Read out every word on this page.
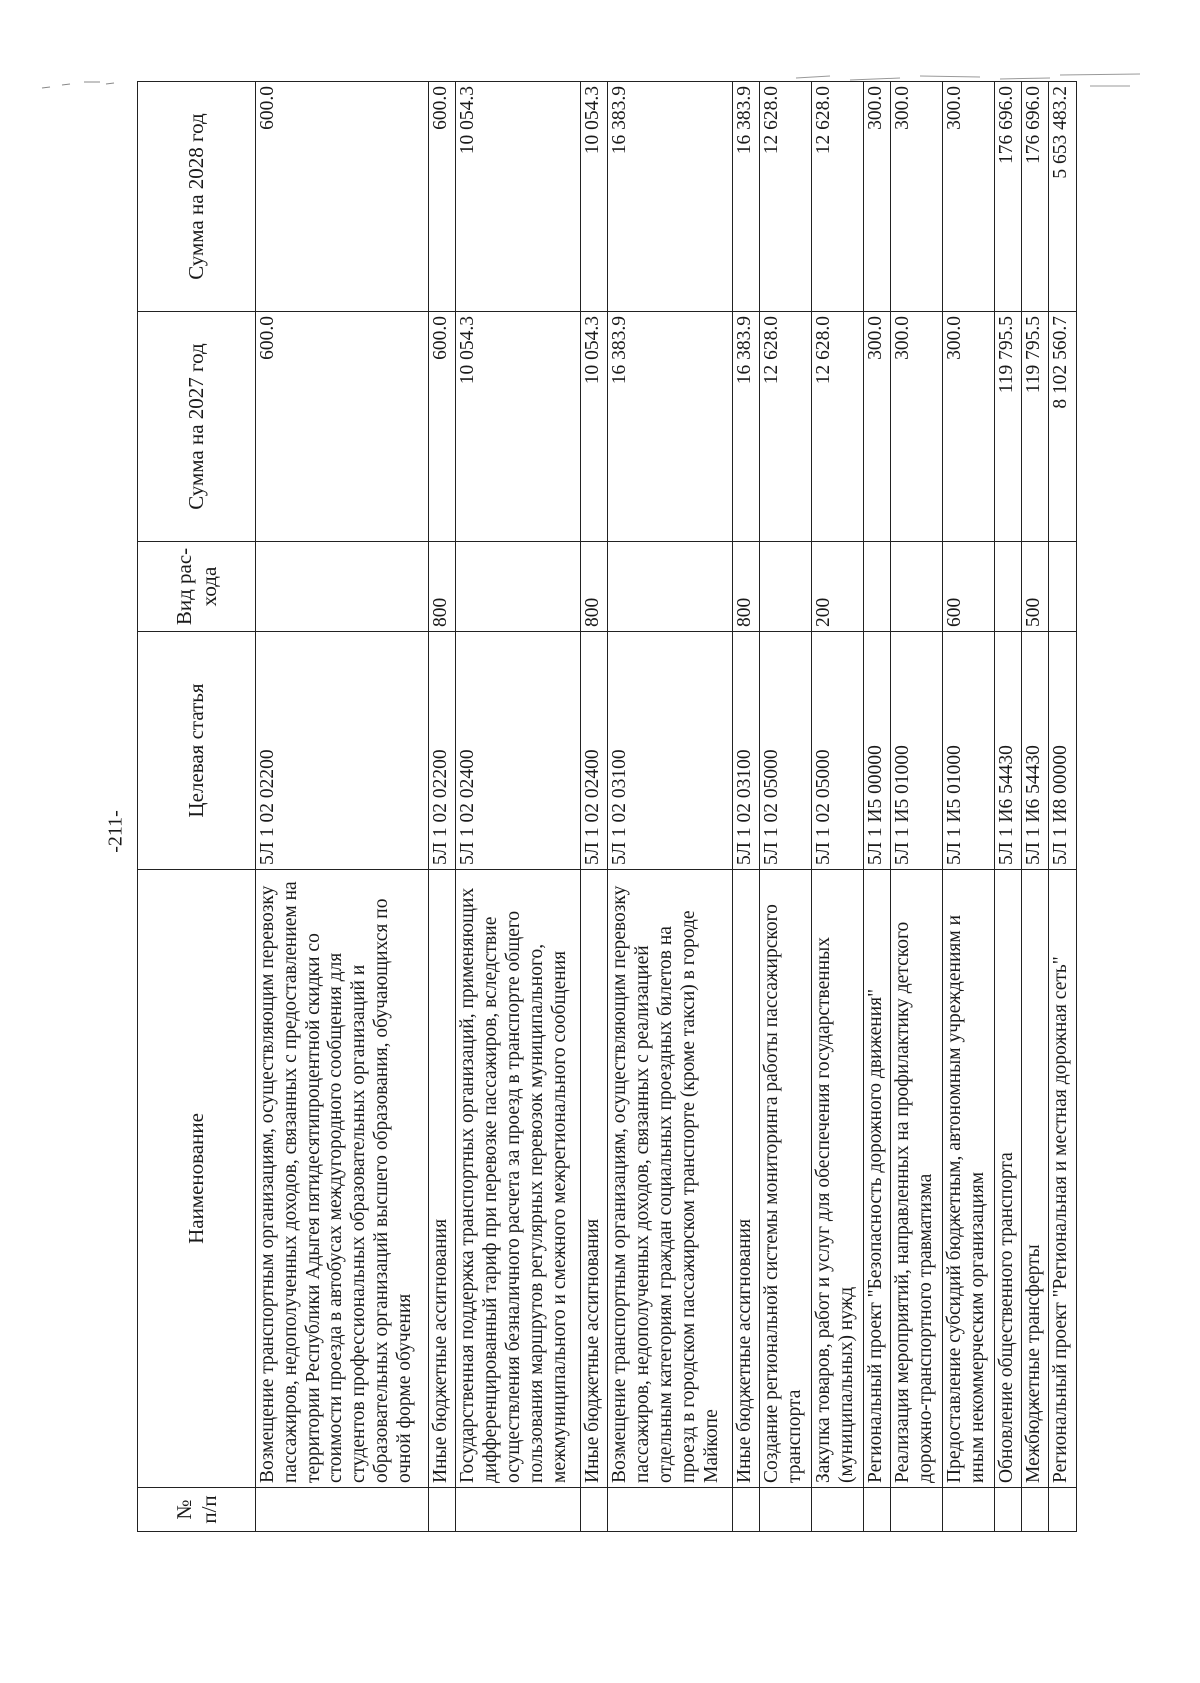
-211-
№ п/п	Наименование	Целевая статья	Вид рас-хода	Сумма на 2027 год	Сумма на 2028 год
	Возмещение транспортным организациям, осуществляющим перевозку пассажиров, недополученных доходов, связанных с предоставлением на территории Республики Адыгея пятидесятипроцентной скидки со стоимости проезда в автобусах междугородного сообщения для студентов профессиональных образовательных организаций и образовательных организаций высшего образования, обучающихся по очной форме обучения	5Л 1 02 02200		600.0	600.0
	Иные бюджетные ассигнования	5Л 1 02 02200	800	600.0	600.0
	Государственная поддержка транспортных организаций, применяющих дифференцированный тариф при перевозке пассажиров, вследствие осуществления безналичного расчета за проезд в транспорте общего пользования маршрутов регулярных перевозок муниципального, межмуниципального и смежного межрегионального сообщения	5Л 1 02 02400		10 054.3	10 054.3
	Иные бюджетные ассигнования	5Л 1 02 02400	800	10 054.3	10 054.3
	Возмещение транспортным организациям, осуществляющим перевозку пассажиров, недополученных доходов, связанных с реализацией отдельным категориям граждан социальных проездных билетов на проезд в городском пассажирском транспорте (кроме такси) в городе Майкопе	5Л 1 02 03100		16 383.9	16 383.9
	Иные бюджетные ассигнования	5Л 1 02 03100	800	16 383.9	16 383.9
	Создание региональной системы мониторинга работы пассажирского транспорта	5Л 1 02 05000		12 628.0	12 628.0
	Закупка товаров, работ и услуг для обеспечения государственных (муниципальных) нужд	5Л 1 02 05000	200	12 628.0	12 628.0
	Региональный проект "Безопасность дорожного движения"	5Л 1 И5 00000		300.0	300.0
	Реализация мероприятий, направленных на профилактику детского дорожно-транспортного травматизма	5Л 1 И5 01000		300.0	300.0
	Предоставление субсидий бюджетным, автономным учреждениям и иным некоммерческим организациям	5Л 1 И5 01000	600	300.0	300.0
	Обновление общественного транспорта	5Л 1 И6 54430		119 795.5	176 696.0
	Межбюджетные трансферты	5Л 1 И6 54430	500	119 795.5	176 696.0
	Региональный проект "Региональная и местная дорожная сеть"	5Л 1 И8 00000		8 102 560.7	5 653 483.2
